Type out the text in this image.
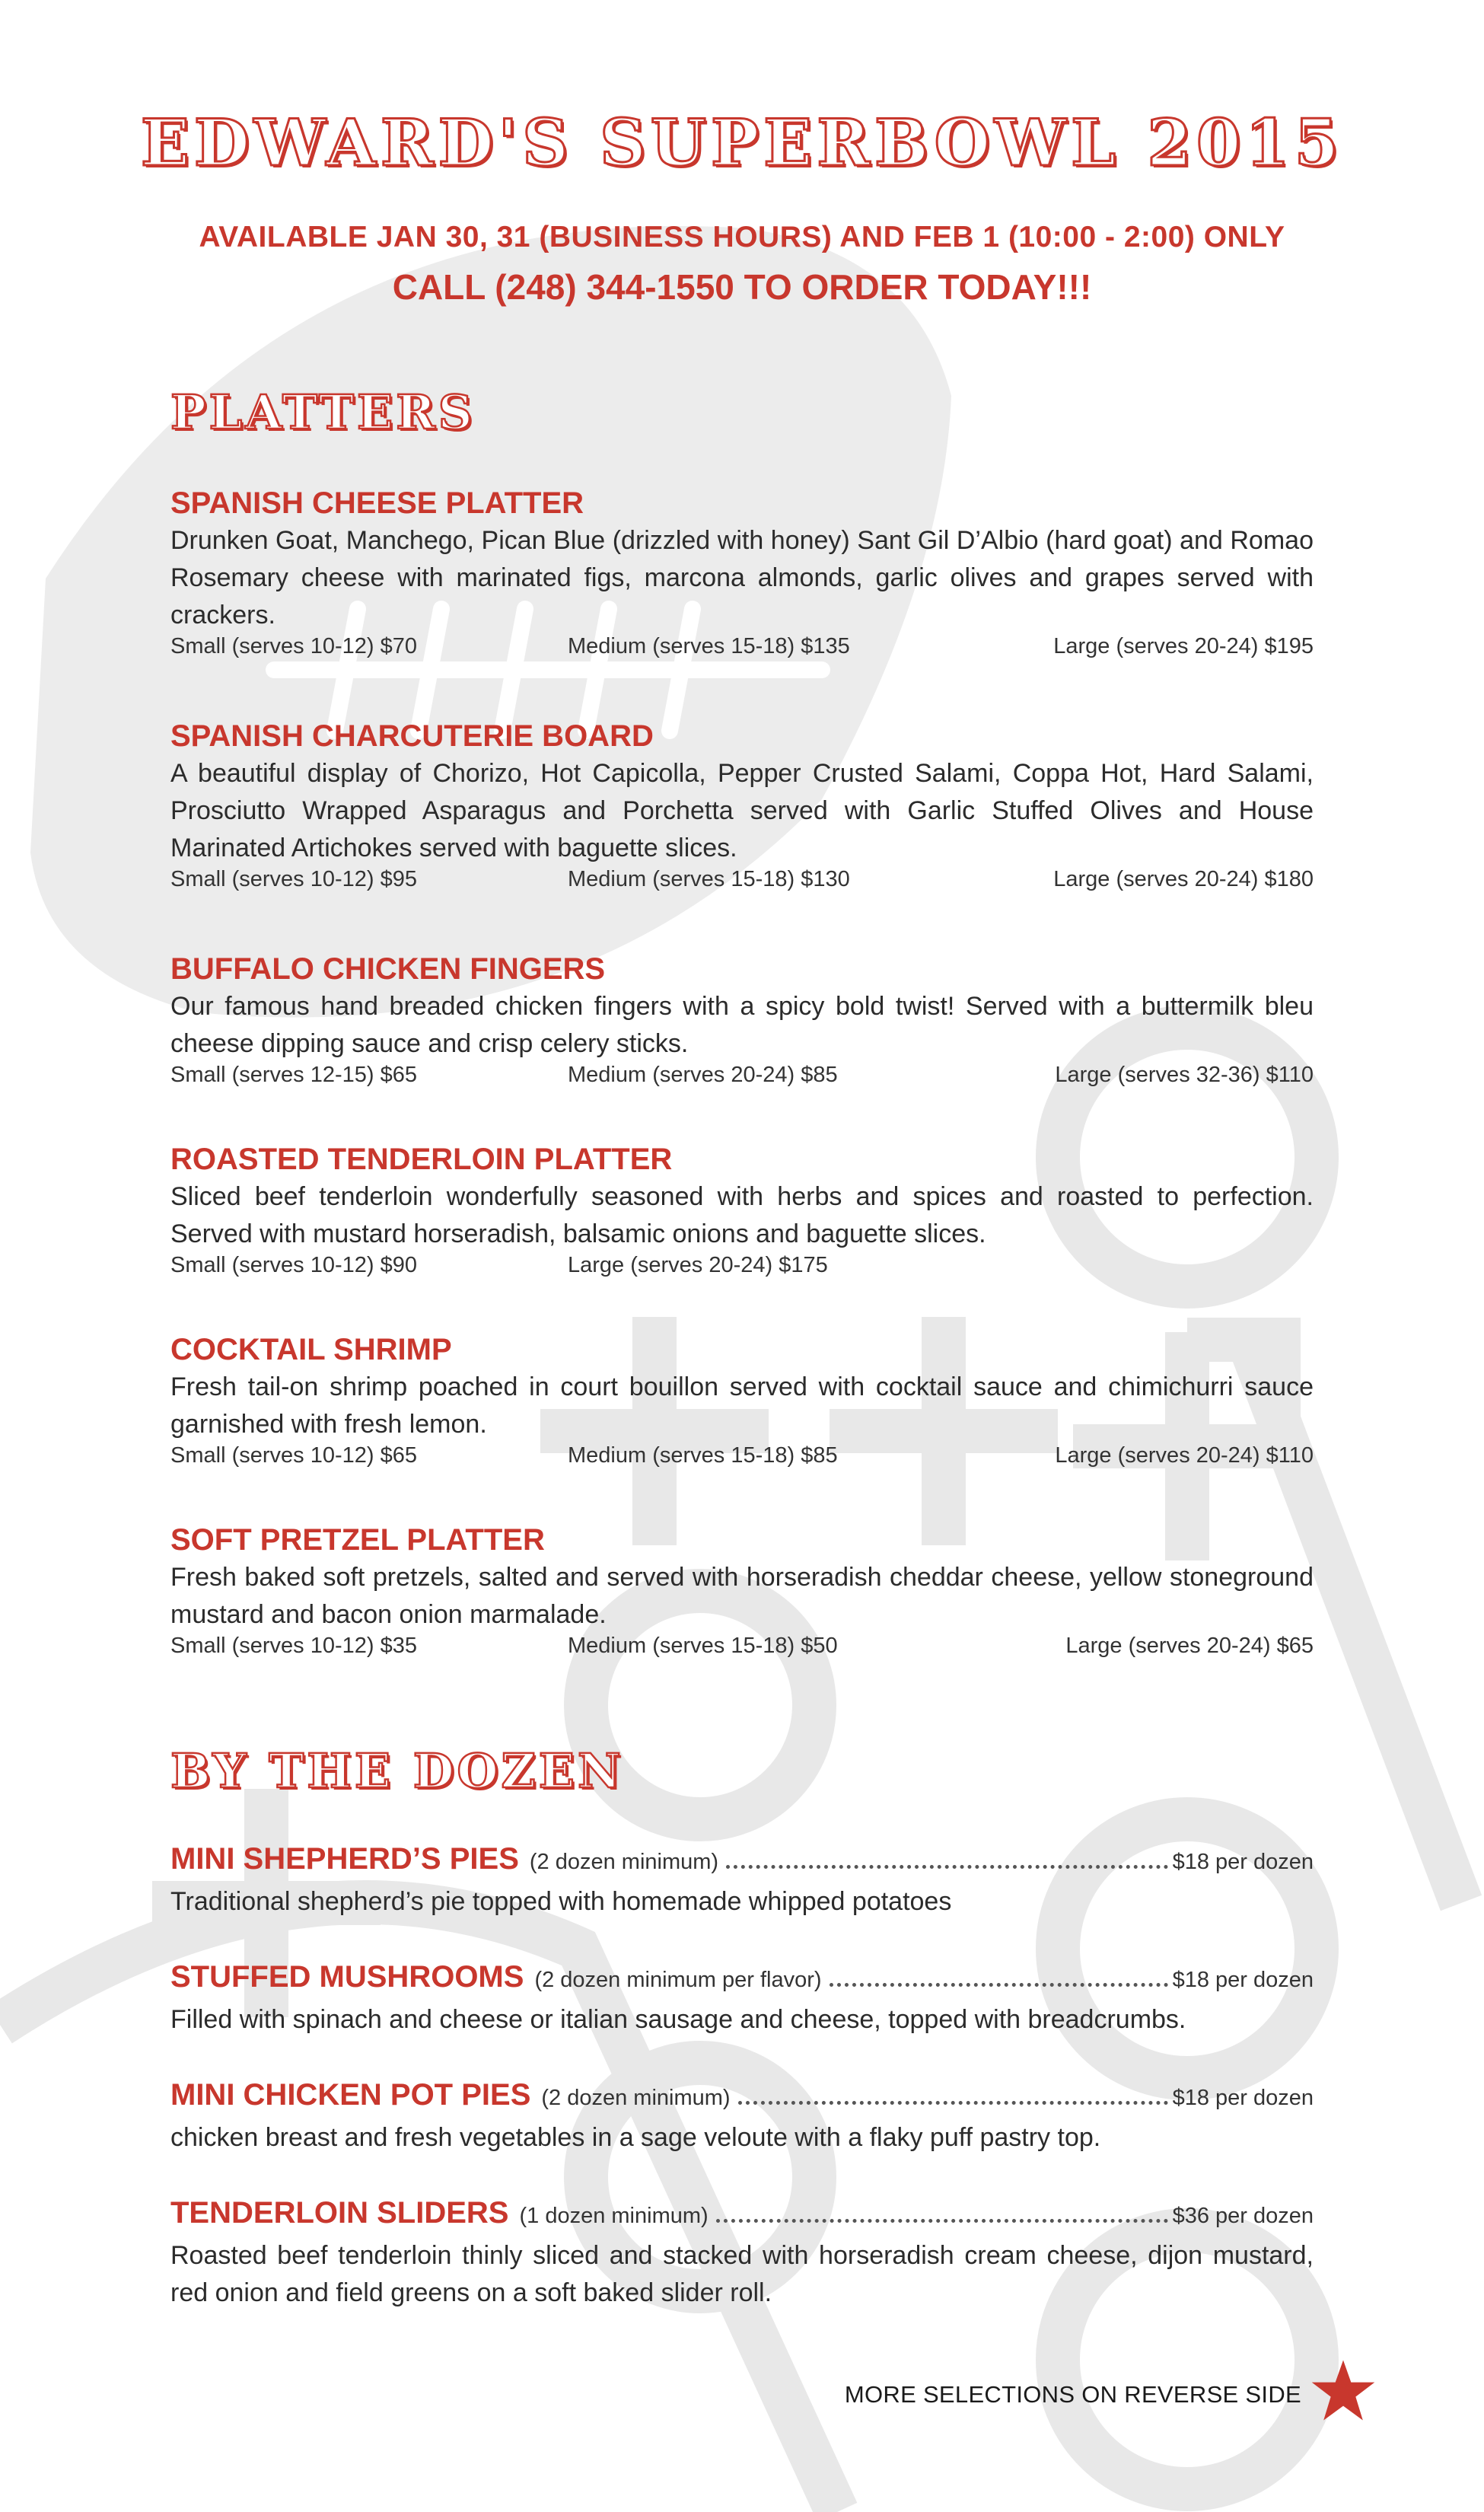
EDWARD'S SUPERBOWL 2015
AVAILABLE JAN 30, 31 (BUSINESS HOURS) AND FEB 1 (10:00 - 2:00) ONLY
CALL (248) 344-1550 TO ORDER TODAY!!!
PLATTERS
SPANISH CHEESE PLATTER
Drunken Goat, Manchego, Pican Blue (drizzled with honey) Sant Gil D’Albio (hard goat) and Romao Rosemary cheese with marinated figs, marcona almonds, garlic olives and grapes served with crackers.
Small (serves 10-12) $70	Medium (serves 15-18) $135	Large (serves 20-24) $195
SPANISH CHARCUTERIE BOARD
A beautiful display of Chorizo, Hot Capicolla, Pepper Crusted Salami, Coppa Hot, Hard Salami, Prosciutto Wrapped Asparagus and Porchetta served with Garlic Stuffed Olives and House Marinated Artichokes served with baguette slices.
Small (serves 10-12) $95	Medium (serves 15-18) $130	Large (serves 20-24) $180
BUFFALO CHICKEN FINGERS
Our famous hand breaded chicken fingers with a spicy bold twist! Served with a buttermilk bleu cheese dipping sauce and crisp celery sticks.
Small (serves 12-15) $65	Medium (serves 20-24) $85	Large (serves 32-36) $110
ROASTED TENDERLOIN PLATTER
Sliced beef tenderloin wonderfully seasoned with herbs and spices and roasted to perfection. Served with mustard horseradish, balsamic onions and baguette slices.
Small (serves 10-12) $90	Large (serves 20-24) $175
COCKTAIL SHRIMP
Fresh tail-on shrimp poached in court bouillon served with cocktail sauce and chimichurri sauce garnished with fresh lemon.
Small (serves 10-12) $65	Medium (serves 15-18) $85	Large (serves 20-24) $110
SOFT PRETZEL PLATTER
Fresh baked soft pretzels, salted and served with horseradish cheddar cheese, yellow stoneground mustard and bacon onion marmalade.
Small (serves 10-12) $35	Medium (serves 15-18) $50	Large (serves 20-24) $65
BY THE DOZEN
MINI SHEPHERD’S PIES (2 dozen minimum)	$18 per dozen
Traditional shepherd’s pie topped with homemade whipped potatoes
STUFFED MUSHROOMS (2 dozen minimum per flavor)	$18 per dozen
Filled with spinach and cheese or italian sausage and cheese, topped with breadcrumbs.
MINI CHICKEN POT PIES (2 dozen minimum)	$18 per dozen
chicken breast and fresh vegetables in a sage veloute with a flaky puff pastry top.
TENDERLOIN SLIDERS (1 dozen minimum)	$36 per dozen
Roasted beef tenderloin thinly sliced and stacked with horseradish cream cheese, dijon mustard, red onion and field greens on a soft baked slider roll.
MORE SELECTIONS ON REVERSE SIDE
